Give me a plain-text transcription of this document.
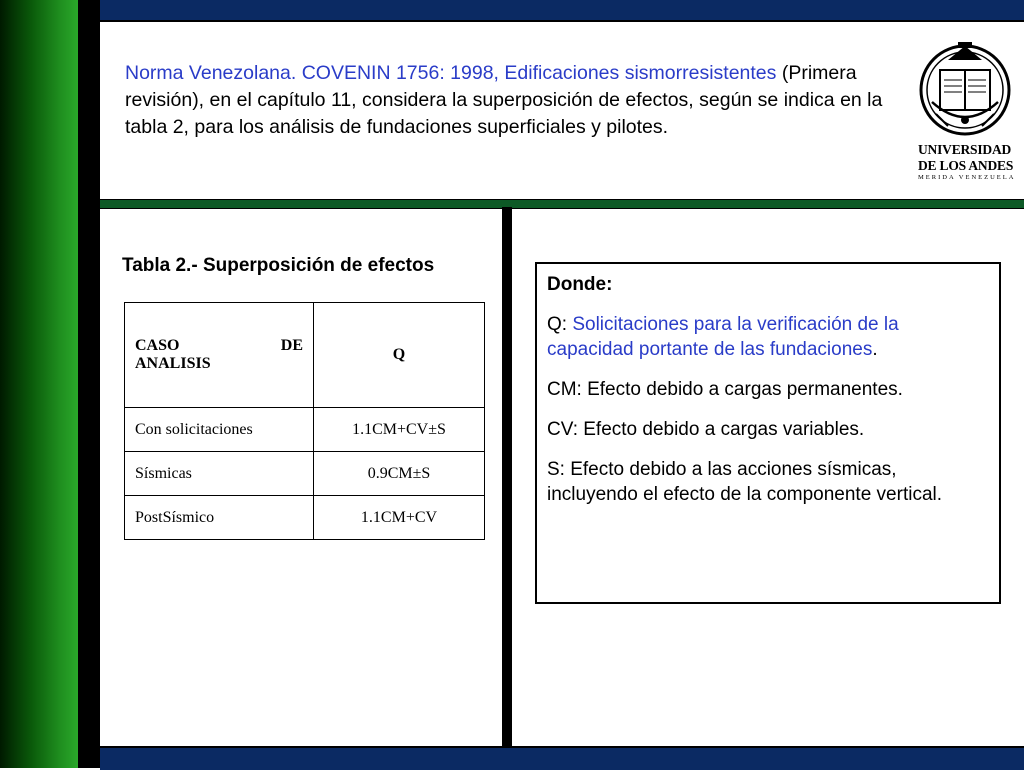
Norma Venezolana. COVENIN 1756: 1998, Edificaciones sismorresistentes (Primera revisión), en el capítulo 11, considera la superposición de efectos, según se indica en la tabla 2, para los análisis de fundaciones superficiales y pilotes.
UNIVERSIDAD
DE LOS ANDES
MERIDA VENEZUELA
Tabla 2.- Superposición de efectos
CASO DE
ANALISIS	Q
Con solicitaciones	1.1CM+CV±S
Sísmicas	0.9CM±S
PostSísmico	1.1CM+CV
Donde:

Q: Solicitaciones para la verificación de la capacidad portante de las fundaciones.

CM: Efecto debido a cargas permanentes.

CV: Efecto debido a cargas variables.

S: Efecto debido a las acciones sísmicas, incluyendo el efecto de la componente vertical.
